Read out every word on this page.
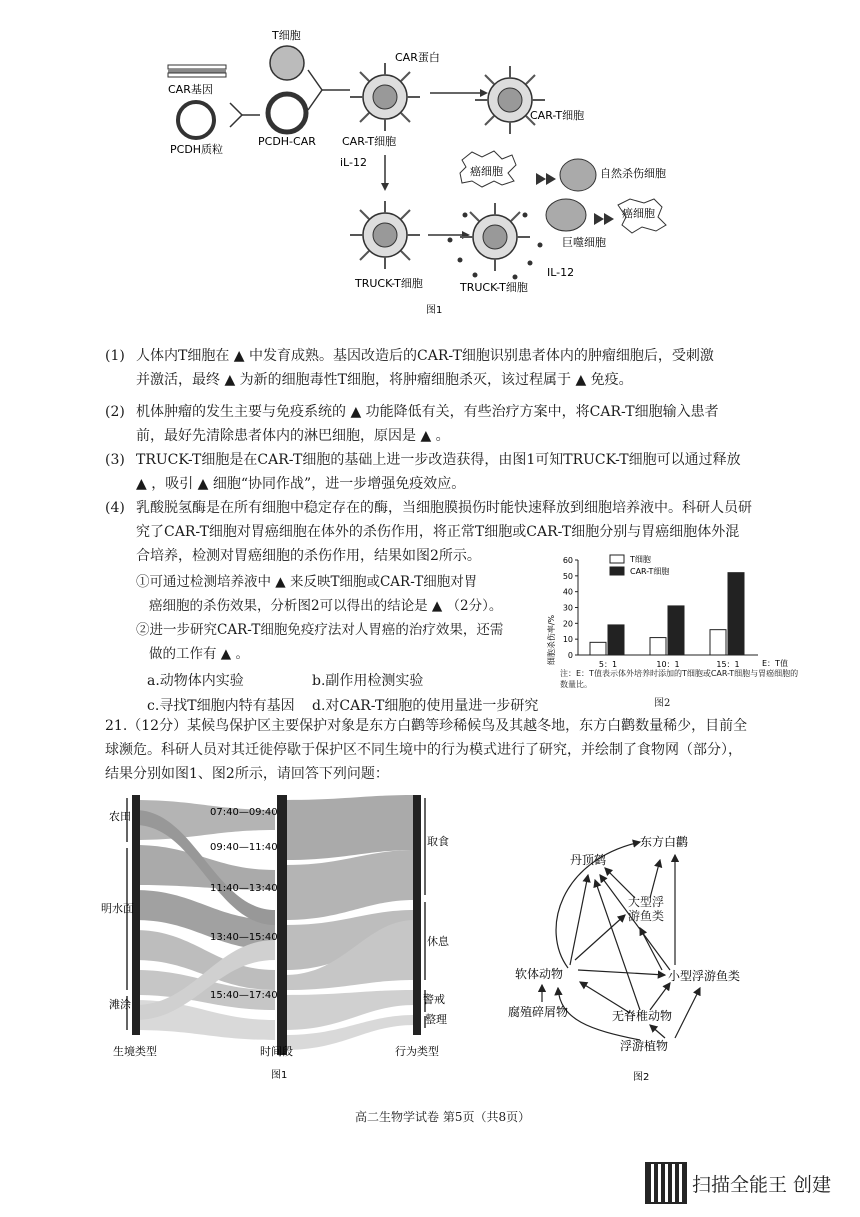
T细胞
CAR基因
PCDH质粒
PCDH-CAR
CAR蛋白
CAR-T细胞
CAR-T细胞
iL-12
癌细胞	自然杀伤细胞
癌细胞
巨噬细胞
TRUCK-T细胞	TRUCK-T细胞
IL-12
图1
(1) 人体内T细胞在 ▲ 中发育成熟。基因改造后的CAR-T细胞识别患者体内的肿瘤细胞后，受刺激
并激活，最终 ▲ 为新的细胞毒性T细胞，将肿瘤细胞杀灭，该过程属于 ▲ 免疫。
(2) 机体肿瘤的发生主要与免疫系统的 ▲ 功能降低有关，有些治疗方案中，将CAR-T细胞输入患者
前，最好先清除患者体内的淋巴细胞，原因是 ▲ 。
(3) TRUCK-T细胞是在CAR-T细胞的基础上进一步改造获得，由图1可知TRUCK-T细胞可以通过释放
▲ ，吸引 ▲ 细胞“协同作战”，进一步增强免疫效应。
(4) 乳酸脱氢酶是在所有细胞中稳定存在的酶，当细胞膜损伤时能快速释放到细胞培养液中。科研人员研
究了CAR-T细胞对胃癌细胞在体外的杀伤作用，将正常T细胞或CAR-T细胞分别与胃癌细胞体外混
合培养，检测对胃癌细胞的杀伤作用，结果如图2所示。
①可通过检测培养液中 ▲ 来反映T细胞或CAR-T细胞对胃
癌细胞的杀伤效果，分析图2可以得出的结论是 ▲ （2分）。
②进一步研究CAR-T细胞免疫疗法对人胃癌的治疗效果，还需
做的工作有 ▲ 。
a.动物体内实验	b.副作用检测实验
c.寻找T细胞内特有基因 d.对CAR-T细胞的使用量进一步研究
细胞杀伤率/% 0
10
20
30
40
50
60
5：1	10：1	15：1
T细胞
CAR-T细胞
E：T值
注：E：T值表示体外培养时添加的T细胞或CAR-T细胞与胃癌细胞的数量比。
图2
21.（12分）某候鸟保护区主要保护对象是东方白鹳等珍稀候鸟及其越冬地，东方白鹳数量稀少，目前全
球濒危。科研人员对其迁徙停歇于保护区不同生境中的行为模式进行了研究，并绘制了食物网（部分），
结果分别如图1、图2所示，请回答下列问题：
农田
明水面
滩涂
07:40—09:40
09:40—11:40
11:40—13:40
13:40—15:40
15:40—17:40
取食
休息
警戒
整理
生境类型	时间段	行为类型
图1
东方白鹳
丹顶鹤
大型浮游鱼类
软体动物	小型浮游鱼类
腐殖碎屑物	无脊椎动物
浮游植物
图2
高二生物学试卷 第5页（共8页）
扫描全能王 创建
